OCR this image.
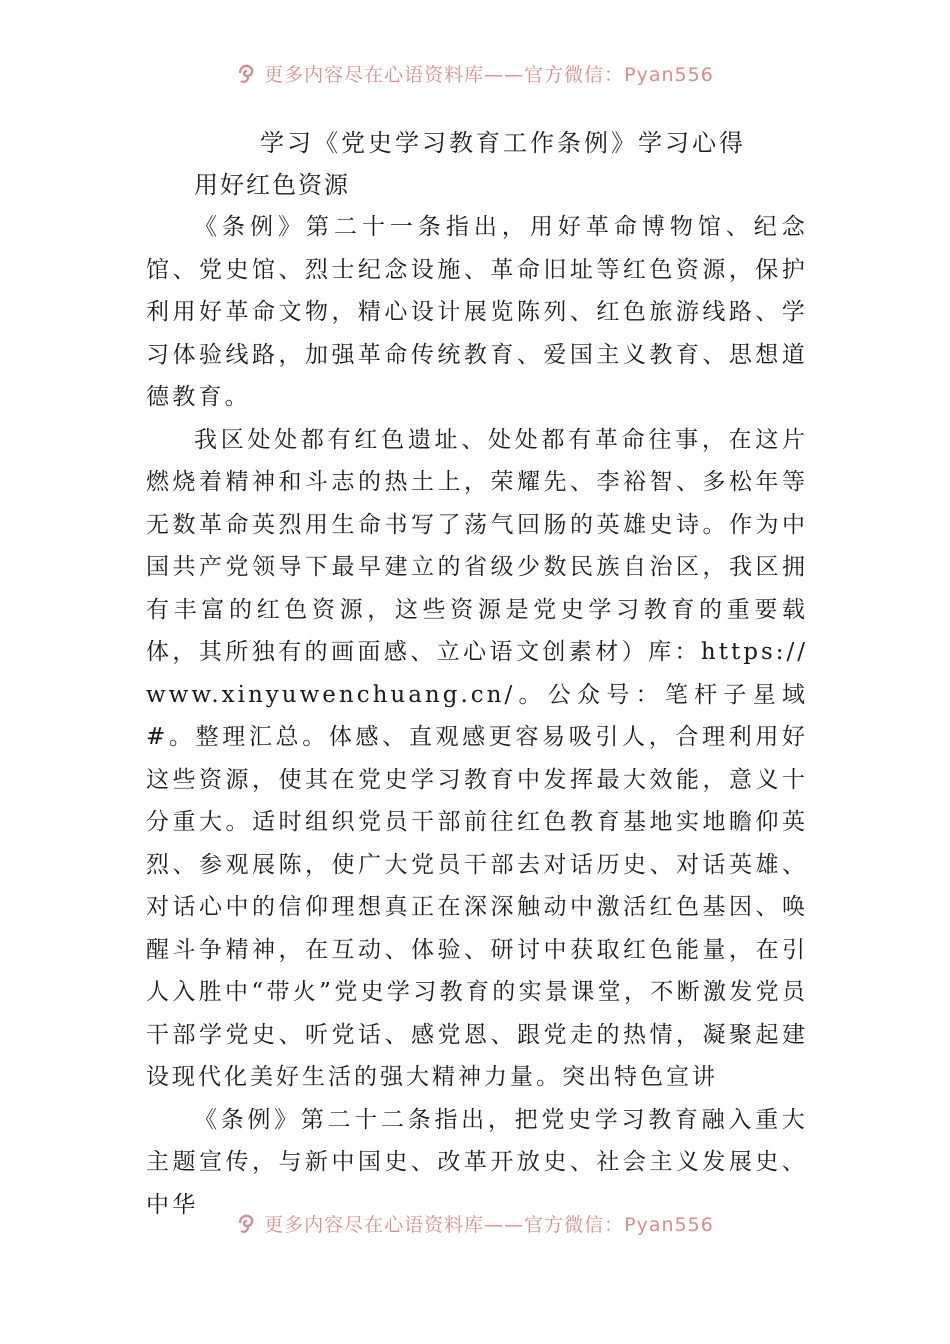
更多内容尽在心语资料库——官方微信：Pyan556

学习《党史学习教育工作条例》学习心得

用好红色资源

《条例》第二十一条指出，用好革命博物馆、纪念馆、党史馆、烈士纪念设施、革命旧址等红色资源，保护利用好革命文物，精心设计展览陈列、红色旅游线路、学习体验线路，加强革命传统教育、爱国主义教育、思想道德教育。

我区处处都有红色遗址、处处都有革命往事，在这片燃烧着精神和斗志的热土上，荣耀先、李裕智、多松年等无数革命英烈用生命书写了荡气回肠的英雄史诗。作为中国共产党领导下最早建立的省级少数民族自治区，我区拥有丰富的红色资源，这些资源是党史学习教育的重要载体，其所独有的画面感、立心语文创素材）库：https://www.xinyuwenchuang.cn/。公众号：笔杆子星域#。整理汇总。体感、直观感更容易吸引人，合理利用好这些资源，使其在党史学习教育中发挥最大效能，意义十分重大。适时组织党员干部前往红色教育基地实地瞻仰英烈、参观展陈，使广大党员干部去对话历史、对话英雄、对话心中的信仰理想真正在深深触动中激活红色基因、唤醒斗争精神，在互动、体验、研讨中获取红色能量，在引人入胜中“带火”党史学习教育的实景课堂，不断激发党员干部学党史、听党话、感党恩、跟党走的热情，凝聚起建设现代化美好生活的强大精神力量。突出特色宣讲

《条例》第二十二条指出，把党史学习教育融入重大主题宣传，与新中国史、改革开放史、社会主义发展史、中华

更多内容尽在心语资料库——官方微信：Pyan556
